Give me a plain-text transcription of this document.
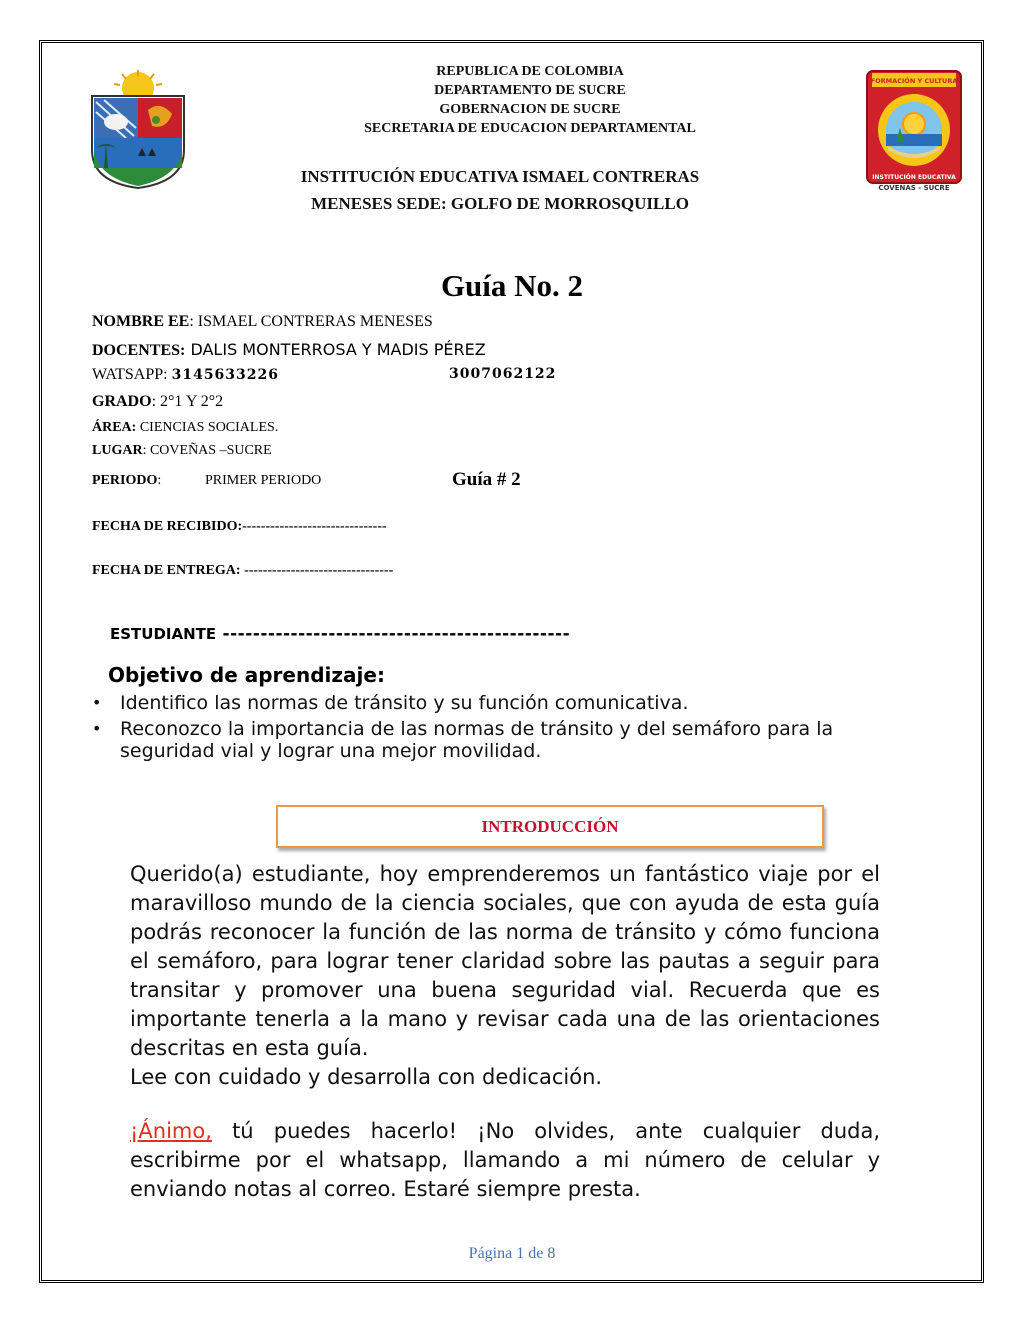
REPUBLICA DE COLOMBIA
DEPARTAMENTO DE SUCRE
GOBERNACION DE SUCRE
SECRETARIA DE EDUCACION DEPARTAMENTAL
FORMACIÓN Y CULTURA
INSTITUCIÓN EDUCATIVA
COVEÑAS - SUCRE
INSTITUCIÓN EDUCATIVA ISMAEL CONTRERAS
MENESES SEDE: GOLFO DE MORROSQUILLO
Guía No. 2
NOMBRE EE: ISMAEL CONTRERAS MENESES
DOCENTES: DALIS MONTERROSA Y MADIS PÉREZ
WATSAPP: 3145633226	3007062122
GRADO: 2°1 Y 2°2
ÁREA: CIENCIAS SOCIALES.
LUGAR: COVEÑAS –SUCRE
PERIODO:	PRIMER PERIODO	Guía # 2
FECHA DE RECIBIDO:-------------------------------
FECHA DE ENTREGA: --------------------------------
ESTUDIANTE ----------------------------------------------
Objetivo de aprendizaje:
• Identifico las normas de tránsito y su función comunicativa.
• Reconozco la importancia de las normas de tránsito y del semáforo para la seguridad vial y lograr una mejor movilidad.
INTRODUCCIÓN
Querido(a) estudiante, hoy emprenderemos un fantástico viaje por el maravilloso mundo de la ciencia sociales, que con ayuda de esta guía podrás reconocer la función de las norma de tránsito y cómo funciona el semáforo, para lograr tener claridad sobre las pautas a seguir para transitar y promover una buena seguridad vial. Recuerda que es importante tenerla a la mano y revisar cada una de las orientaciones descritas en esta guía.
Lee con cuidado y desarrolla con dedicación.
¡Ánimo, tú puedes hacerlo! ¡No olvides, ante cualquier duda, escribirme por el whatsapp, llamando a mi número de celular y enviando notas al correo. Estaré siempre presta.
Página 1 de 8
